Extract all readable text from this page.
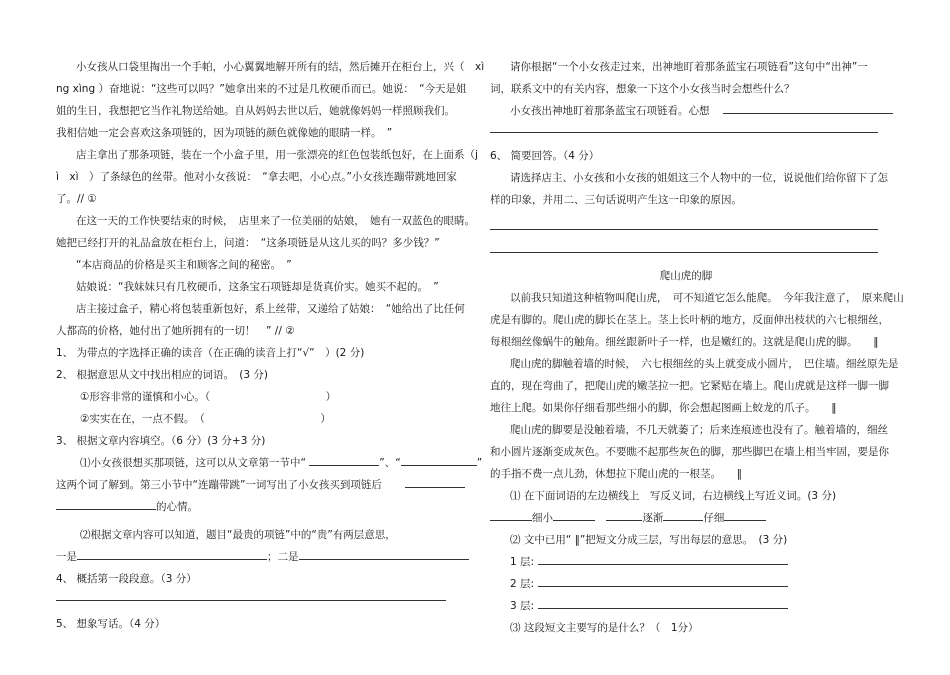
小女孩从口袋里掏出一个手帕，小心翼翼地解开所有的结，然后摊开在柜台上，兴（　xì

ng xìng ）奋地说：“这些可以吗？”她拿出来的不过是几枚硬币而已。她说：　“今天是姐

姐的生日，我想把它当作礼物送给她。自从妈妈去世以后，她就像妈妈一样照顾我们。

我相信她一定会喜欢这条项链的，因为项链的颜色就像她的眼睛一样。　”

店主拿出了那条项链，装在一个小盒子里，用一张漂亮的红色包装纸包好，在上面系（j

ì　xì　）了条绿色的丝带。他对小女孩说：　“拿去吧，小心点。”小女孩连蹦带跳地回家

了。// ①

在这一天的工作快要结束的时候，　店里来了一位美丽的姑娘，　她有一双蓝色的眼睛。

她把已经打开的礼品盒放在柜台上，问道：　“这条项链是从这儿买的吗？多少钱？”

“本店商品的价格是买主和顾客之间的秘密。　”

姑娘说：“我妹妹只有几枚硬币，这条宝石项链却是货真价实。她买不起的。　”

店主接过盒子，精心将包装重新包好，系上丝带，又递给了姑娘：　“她给出了比任何

人都高的价格，她付出了她所拥有的一切！　” // ②

1、 为带点的字选择正确的读音（在正确的读音上打“√”　）(2 分)

2、 根据意思从文中找出相应的词语。　(3 分)

①形容非常的谨慎和小心。（　　　　　　　　　　　）

②实实在在，一点不假。　（　　　　　　　　　　　）

3、 根据文章内容填空。（6 分）(3 分+3 分)

⑴小女孩很想买那项链，这可以从文章第一节中“	”、“	”

这两个词了解到。第三小节中“连蹦带跳”一词写出了小女孩买到项链后

的心情。

⑵根据文章内容可以知道，题目“最贵的项链”中的“贵”有两层意思，

一是	；二是

4、 概括第一段段意。（3 分）

5、 想象写话。（4 分）

请你根据“一个小女孩走过来，出神地盯着那条蓝宝石项链看”这句中“出神”一

词，联系文中的有关内容，想象一下这个小女孩当时会想些什么？

小女孩出神地盯着那条蓝宝石项链看。心想

6、 简要回答。（4 分）

请选择店主、小女孩和小女孩的姐姐这三个人物中的一位，说说他们给你留下了怎

样的印象，并用二、三句话说明产生这一印象的原因。

爬山虎的脚

以前我只知道这种植物叫爬山虎，　可不知道它怎么能爬。　今年我注意了，　原来爬山

虎是有脚的。爬山虎的脚长在茎上。茎上长叶柄的地方，反面伸出枝状的六七根细丝，

每根细丝像蜗牛的触角。细丝跟新叶子一样，也是嫩红的。这就是爬山虎的脚。　　‖

爬山虎的脚触着墙的时候，　六七根细丝的头上就变成小圆片，　巴住墙。细丝原先是

直的，现在弯曲了，把爬山虎的嫩茎拉一把。它紧贴在墙上。爬山虎就是这样一脚一脚

地往上爬。如果你仔细看那些细小的脚，你会想起图画上蛟龙的爪子。　　‖

爬山虎的脚要是没触着墙，不几天就萎了；后来连痕迹也没有了。触着墙的，细丝

和小圆片逐渐变成灰色。不要瞧不起那些灰色的脚，那些脚巴在墙上相当牢固，要是你

的手指不费一点儿劲，休想拉下爬山虎的一根茎。　　‖

⑴ 在下面词语的左边横线上　写反义词，右边横线上写近义词。(3 分)

细小	逐渐	仔细

⑵ 文中已用“ ‖”把短文分成三层，写出每层的意思。　(3 分)

1 层:

2 层:

3 层:

⑶ 这段短文主要写的是什么？（　1分）
